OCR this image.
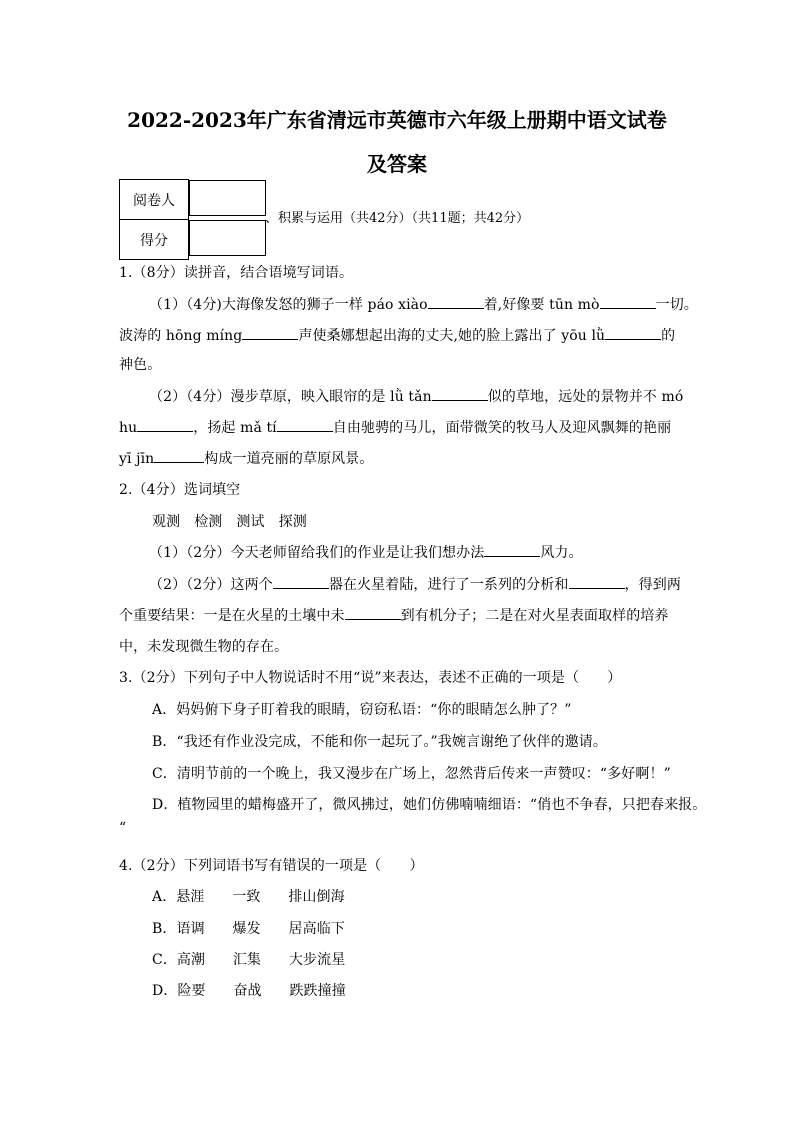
2022-2023年广东省清远市英德市六年级上册期中语文试卷
及答案
阅卷人	
得分	
、积累与运用（共42分）（共11题；共42分）
1.（8分）读拼音，结合语境写词语。
（1）（4分)大海像发怒的狮子一样 páo xiào	着,好像要 tūn mò	一切。
波涛的 hōng míng	声使桑娜想起出海的丈夫,她的脸上露出了 yōu lǜ	的
神色。
（2）（4分）漫步草原，映入眼帘的是 lǜ tǎn	似的草地，远处的景物并不 mó
hu	，扬起 mǎ tí	自由驰骋的马儿，面带微笑的牧马人及迎风飘舞的艳丽
yī jīn	构成一道亮丽的草原风景。
2.（4分）选词填空
观测 检测 测试 探测
（1）（2分）今天老师留给我们的作业是让我们想办法	风力。
（2）（2分）这两个	器在火星着陆，进行了一系列的分析和	，得到两
个重要结果：一是在火星的土壤中未	到有机分子；二是在对火星表面取样的培养
中，未发现微生物的存在。
3.（2分）下列句子中人物说话时不用“说”来表达，表述不正确的一项是（　　）
A．妈妈俯下身子盯着我的眼睛，窃窃私语：“你的眼睛怎么肿了？”
B．“我还有作业没完成，不能和你一起玩了。”我婉言谢绝了伙伴的邀请。
C．清明节前的一个晚上，我又漫步在广场上，忽然背后传来一声赞叹：“多好啊！”
D．植物园里的蜡梅盛开了，微风拂过，她们仿佛喃喃细语：“俏也不争春，只把春来报。
“
4.（2分）下列词语书写有错误的一项是（　　）
A．悬涯 一致 排山倒海
B．语调 爆发 居高临下
C．高潮 汇集 大步流星
D．险要 奋战 跌跌撞撞
